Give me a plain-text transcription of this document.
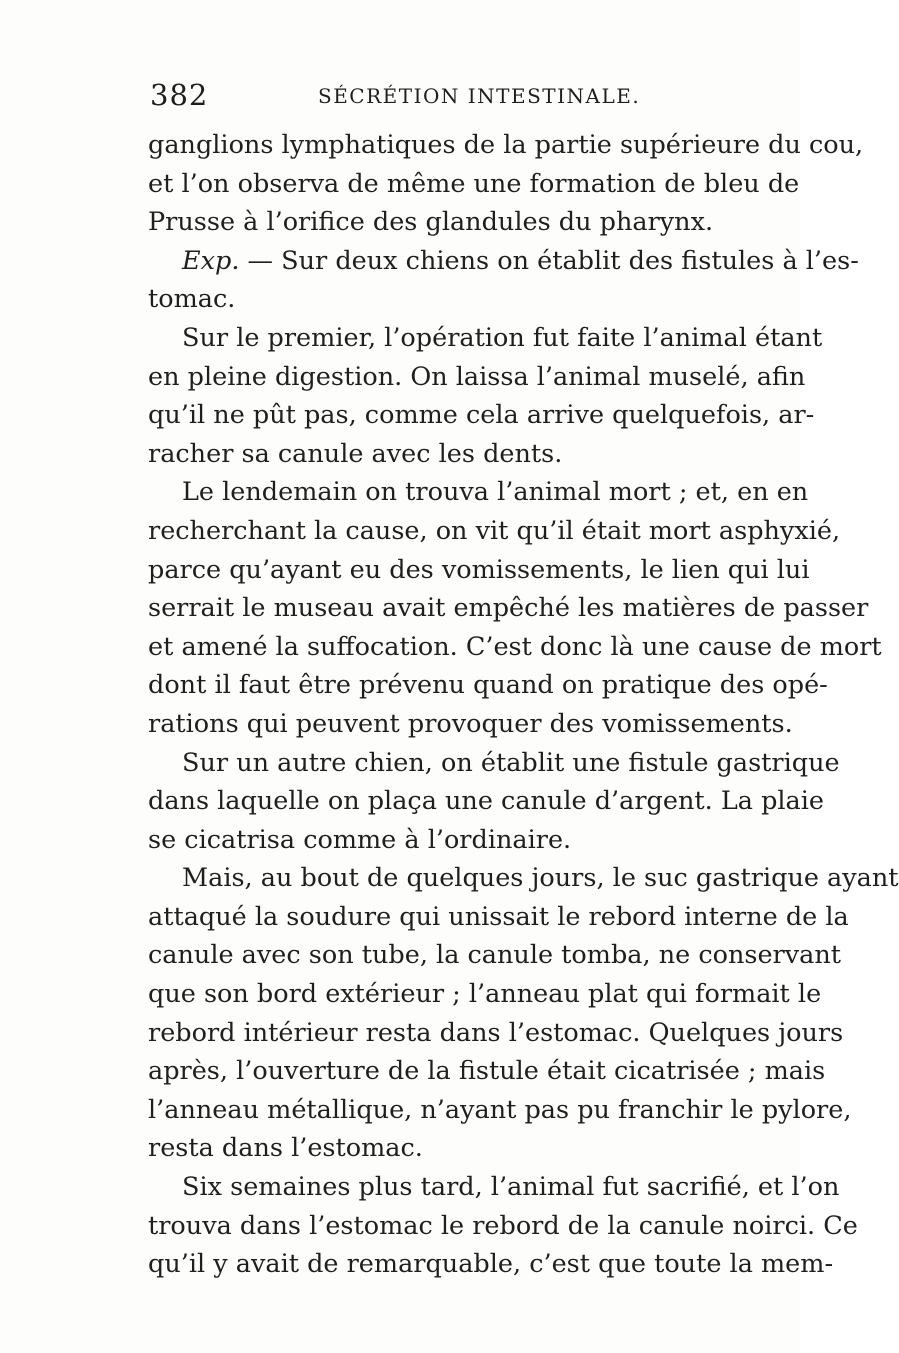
382	SÉCRÉTION INTESTINALE.
ganglions lymphatiques de la partie supérieure du cou,
et l’on observa de même une formation de bleu de
Prusse à l’orifice des glandules du pharynx.
Exp. — Sur deux chiens on établit des fistules à l’es-
tomac.
Sur le premier, l’opération fut faite l’animal étant
en pleine digestion. On laissa l’animal muselé, afin
qu’il ne pût pas, comme cela arrive quelquefois, ar-
racher sa canule avec les dents.
Le lendemain on trouva l’animal mort ; et, en en
recherchant la cause, on vit qu’il était mort asphyxié,
parce qu’ayant eu des vomissements, le lien qui lui
serrait le museau avait empêché les matières de passer
et amené la suffocation. C’est donc là une cause de mort
dont il faut être prévenu quand on pratique des opé-
rations qui peuvent provoquer des vomissements.
Sur un autre chien, on établit une fistule gastrique
dans laquelle on plaça une canule d’argent. La plaie
se cicatrisa comme à l’ordinaire.
Mais, au bout de quelques jours, le suc gastrique ayant
attaqué la soudure qui unissait le rebord interne de la
canule avec son tube, la canule tomba, ne conservant
que son bord extérieur ; l’anneau plat qui formait le
rebord intérieur resta dans l’estomac. Quelques jours
après, l’ouverture de la fistule était cicatrisée ; mais
l’anneau métallique, n’ayant pas pu franchir le pylore,
resta dans l’estomac.
Six semaines plus tard, l’animal fut sacrifié, et l’on
trouva dans l’estomac le rebord de la canule noirci. Ce
qu’il y avait de remarquable, c’est que toute la mem-
